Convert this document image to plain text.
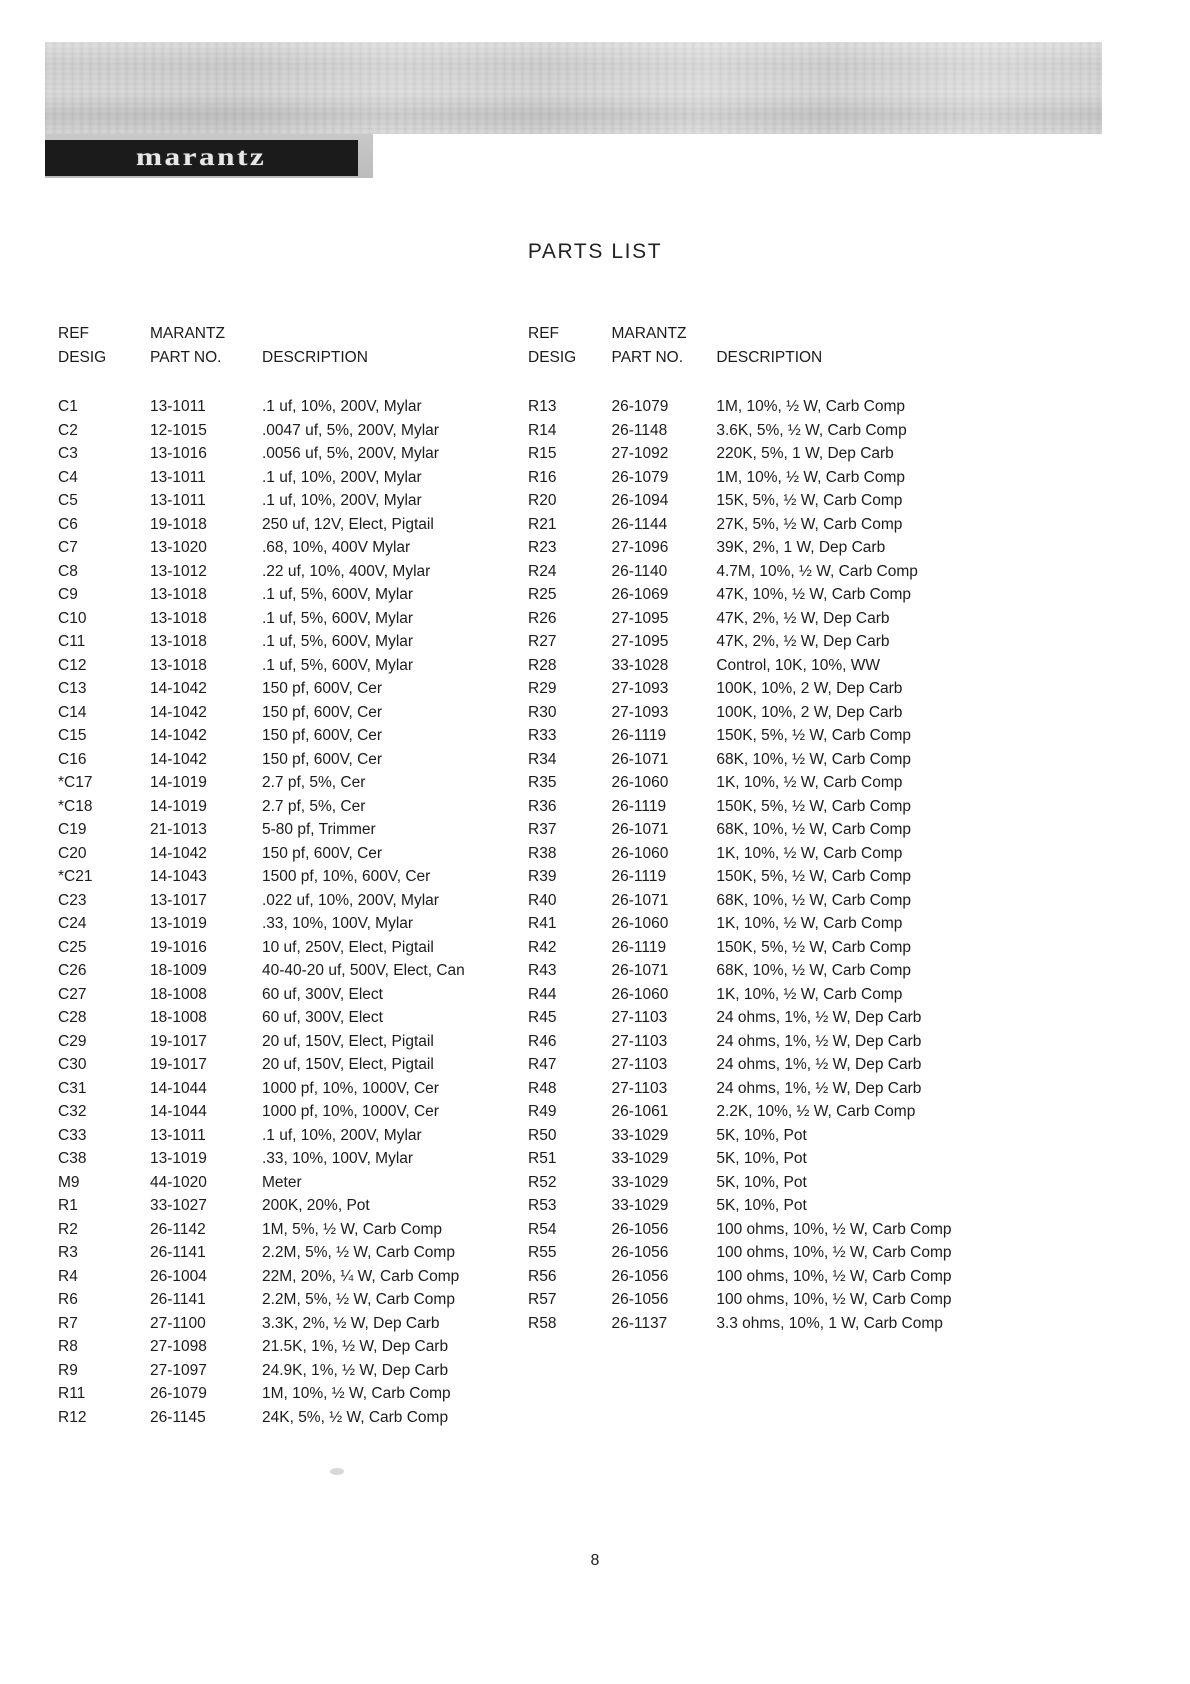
marantz
PARTS LIST
REF	MARANTZ	
DESIG	PART NO.	DESCRIPTION

C1	13-1011	.1 uf, 10%, 200V, Mylar
C2	12-1015	.0047 uf, 5%, 200V, Mylar
C3	13-1016	.0056 uf, 5%, 200V, Mylar
C4	13-1011	.1 uf, 10%, 200V, Mylar
C5	13-1011	.1 uf, 10%, 200V, Mylar
C6	19-1018	250 uf, 12V, Elect, Pigtail
C7	13-1020	.68, 10%, 400V Mylar
C8	13-1012	.22 uf, 10%, 400V, Mylar
C9	13-1018	.1 uf, 5%, 600V, Mylar
C10	13-1018	.1 uf, 5%, 600V, Mylar
C11	13-1018	.1 uf, 5%, 600V, Mylar
C12	13-1018	.1 uf, 5%, 600V, Mylar
C13	14-1042	150 pf, 600V, Cer
C14	14-1042	150 pf, 600V, Cer
C15	14-1042	150 pf, 600V, Cer
C16	14-1042	150 pf, 600V, Cer
*C17	14-1019	2.7 pf, 5%, Cer
*C18	14-1019	2.7 pf, 5%, Cer
C19	21-1013	5-80 pf, Trimmer
C20	14-1042	150 pf, 600V, Cer
*C21	14-1043	1500 pf, 10%, 600V, Cer
C23	13-1017	.022 uf, 10%, 200V, Mylar
C24	13-1019	.33, 10%, 100V, Mylar
C25	19-1016	10 uf, 250V, Elect, Pigtail
C26	18-1009	40-40-20 uf, 500V, Elect, Can
C27	18-1008	60 uf, 300V, Elect
C28	18-1008	60 uf, 300V, Elect
C29	19-1017	20 uf, 150V, Elect, Pigtail
C30	19-1017	20 uf, 150V, Elect, Pigtail
C31	14-1044	1000 pf, 10%, 1000V, Cer
C32	14-1044	1000 pf, 10%, 1000V, Cer
C33	13-1011	.1 uf, 10%, 200V, Mylar
C38	13-1019	.33, 10%, 100V, Mylar
M9	44-1020	Meter
R1	33-1027	200K, 20%, Pot
R2	26-1142	1M, 5%, ½ W, Carb Comp
R3	26-1141	2.2M, 5%, ½ W, Carb Comp
R4	26-1004	22M, 20%, ¼ W, Carb Comp
R6	26-1141	2.2M, 5%, ½ W, Carb Comp
R7	27-1100	3.3K, 2%, ½ W, Dep Carb
R8	27-1098	21.5K, 1%, ½ W, Dep Carb
R9	27-1097	24.9K, 1%, ½ W, Dep Carb
R11	26-1079	1M, 10%, ½ W, Carb Comp
R12	26-1145	24K, 5%, ½ W, Carb Comp
REF	MARANTZ	
DESIG	PART NO.	DESCRIPTION

R13	26-1079	1M, 10%, ½ W, Carb Comp
R14	26-1148	3.6K, 5%, ½ W, Carb Comp
R15	27-1092	220K, 5%, 1 W, Dep Carb
R16	26-1079	1M, 10%, ½ W, Carb Comp
R20	26-1094	15K, 5%, ½ W, Carb Comp
R21	26-1144	27K, 5%, ½ W, Carb Comp
R23	27-1096	39K, 2%, 1 W, Dep Carb
R24	26-1140	4.7M, 10%, ½ W, Carb Comp
R25	26-1069	47K, 10%, ½ W, Carb Comp
R26	27-1095	47K, 2%, ½ W, Dep Carb
R27	27-1095	47K, 2%, ½ W, Dep Carb
R28	33-1028	Control, 10K, 10%, WW
R29	27-1093	100K, 10%, 2 W, Dep Carb
R30	27-1093	100K, 10%, 2 W, Dep Carb
R33	26-1119	150K, 5%, ½ W, Carb Comp
R34	26-1071	68K, 10%, ½ W, Carb Comp
R35	26-1060	1K, 10%, ½ W, Carb Comp
R36	26-1119	150K, 5%, ½ W, Carb Comp
R37	26-1071	68K, 10%, ½ W, Carb Comp
R38	26-1060	1K, 10%, ½ W, Carb Comp
R39	26-1119	150K, 5%, ½ W, Carb Comp
R40	26-1071	68K, 10%, ½ W, Carb Comp
R41	26-1060	1K, 10%, ½ W, Carb Comp
R42	26-1119	150K, 5%, ½ W, Carb Comp
R43	26-1071	68K, 10%, ½ W, Carb Comp
R44	26-1060	1K, 10%, ½ W, Carb Comp
R45	27-1103	24 ohms, 1%, ½ W, Dep Carb
R46	27-1103	24 ohms, 1%, ½ W, Dep Carb
R47	27-1103	24 ohms, 1%, ½ W, Dep Carb
R48	27-1103	24 ohms, 1%, ½ W, Dep Carb
R49	26-1061	2.2K, 10%, ½ W, Carb Comp
R50	33-1029	5K, 10%, Pot
R51	33-1029	5K, 10%, Pot
R52	33-1029	5K, 10%, Pot
R53	33-1029	5K, 10%, Pot
R54	26-1056	100 ohms, 10%, ½ W, Carb Comp
R55	26-1056	100 ohms, 10%, ½ W, Carb Comp
R56	26-1056	100 ohms, 10%, ½ W, Carb Comp
R57	26-1056	100 ohms, 10%, ½ W, Carb Comp
R58	26-1137	3.3 ohms, 10%, 1 W, Carb Comp
8
